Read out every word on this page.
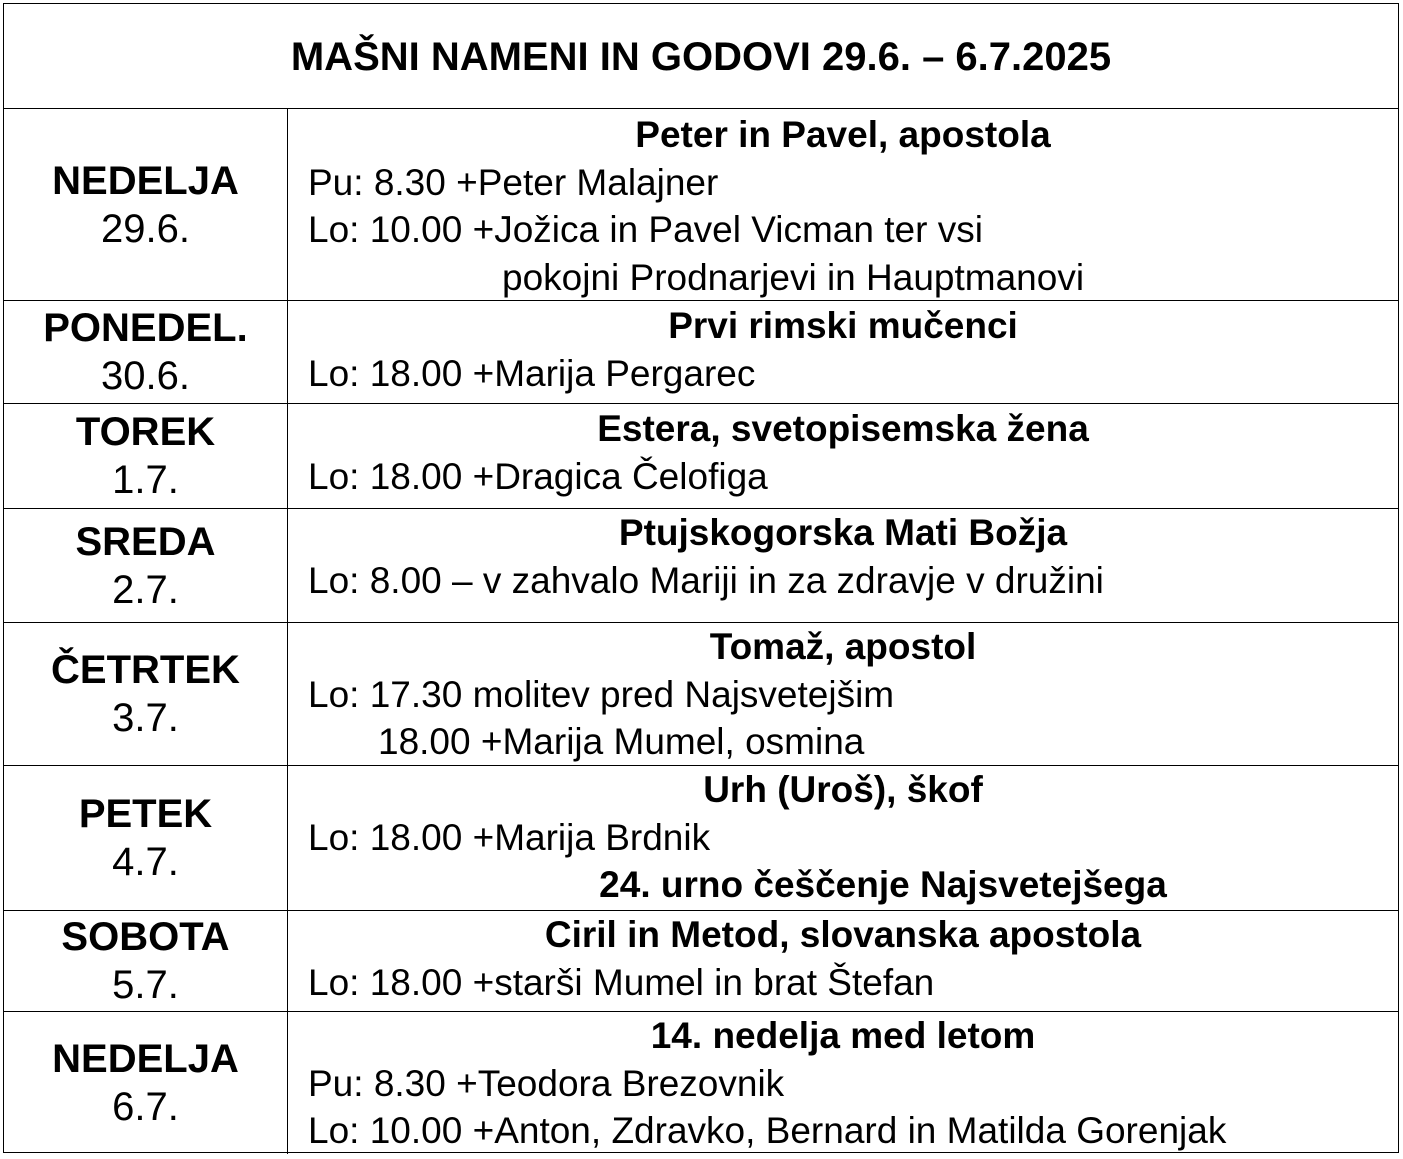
MAŠNI NAMENI IN GODOVI 29.6. – 6.7.2025
NEDELJA
29.6.
Peter in Pavel, apostola
Pu: 8.30 +Peter Malajner
Lo: 10.00 +Jožica in Pavel Vicman ter vsi
pokojni Prodnarjevi in Hauptmanovi
PONEDEL.
30.6.
Prvi rimski mučenci
Lo: 18.00 +Marija Pergarec
TOREK
1.7.
Estera, svetopisemska žena
Lo: 18.00 +Dragica Čelofiga
SREDA
2.7.
Ptujskogorska Mati Božja
Lo: 8.00 – v zahvalo Mariji in za zdravje v družini
ČETRTEK
3.7.
Tomaž, apostol
Lo: 17.30 molitev pred Najsvetejšim
18.00 +Marija Mumel, osmina
PETEK
4.7.
Urh (Uroš), škof
Lo: 18.00 +Marija Brdnik
24. urno češčenje Najsvetejšega
SOBOTA
5.7.
Ciril in Metod, slovanska apostola
Lo: 18.00 +starši Mumel in brat Štefan
NEDELJA
6.7.
14. nedelja med letom
Pu: 8.30 +Teodora Brezovnik
Lo: 10.00 +Anton, Zdravko, Bernard in Matilda Gorenjak
